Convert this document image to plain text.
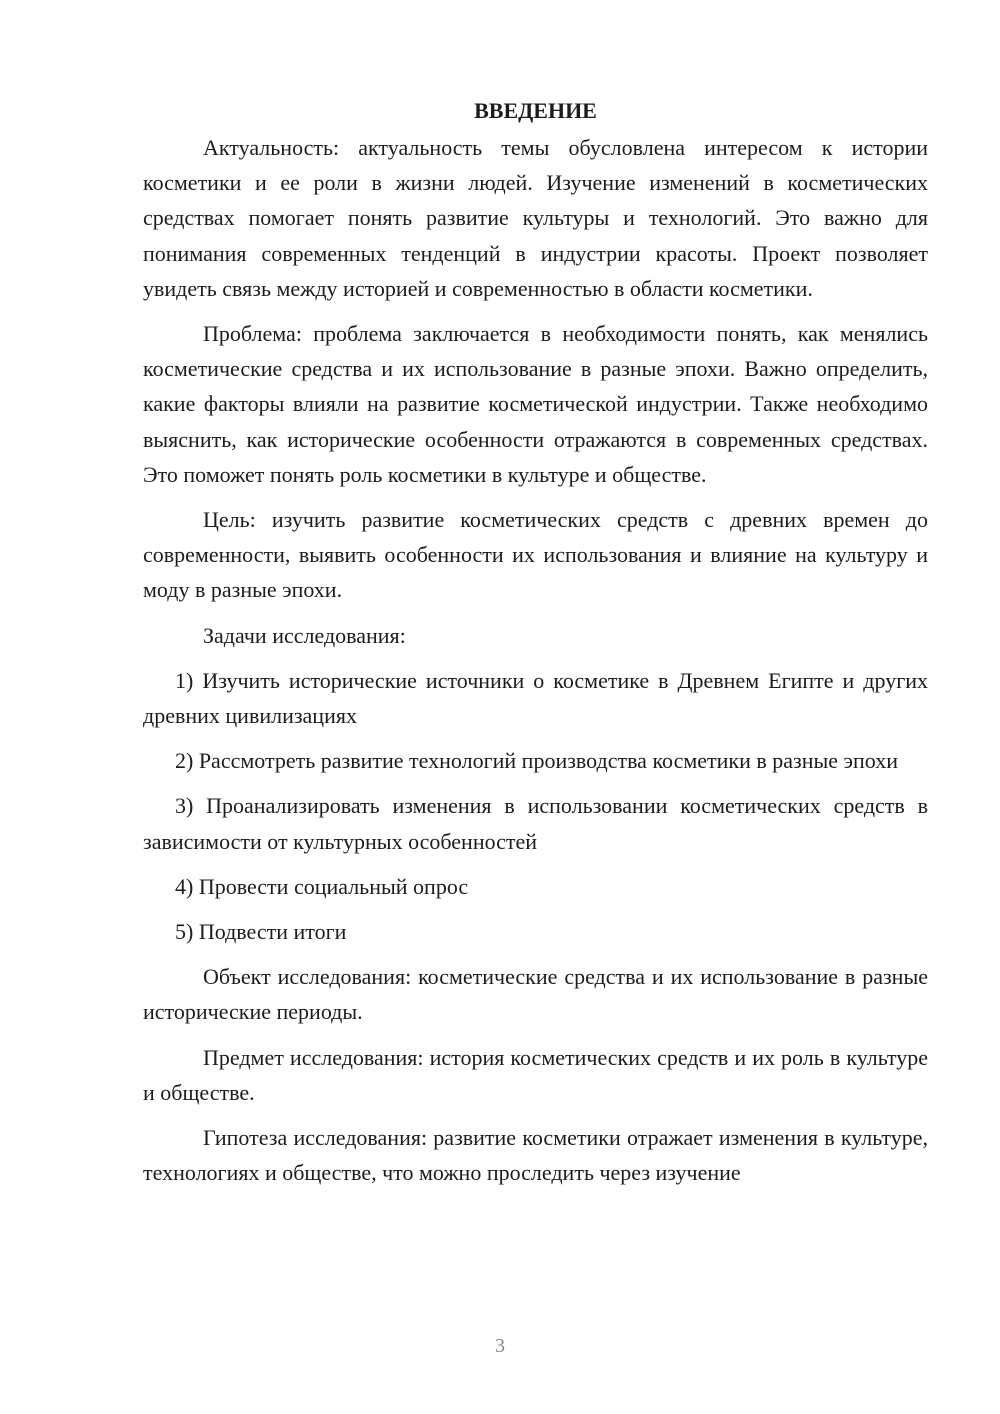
ВВЕДЕНИЕ

Актуальность: актуальность темы обусловлена интересом к истории косметики и ее роли в жизни людей. Изучение изменений в косметических средствах помогает понять развитие культуры и технологий. Это важно для понимания современных тенденций в индустрии красоты. Проект позволяет увидеть связь между историей и современностью в области косметики.

Проблема: проблема заключается в необходимости понять, как менялись косметические средства и их использование в разные эпохи. Важно определить, какие факторы влияли на развитие косметической индустрии. Также необходимо выяснить, как исторические особенности отражаются в современных средствах. Это поможет понять роль косметики в культуре и обществе.

Цель: изучить развитие косметических средств с древних времен до современности, выявить особенности их использования и влияние на культуру и моду в разные эпохи.

Задачи исследования:

1) Изучить исторические источники о косметике в Древнем Египте и других древних цивилизациях

2) Рассмотреть развитие технологий производства косметики в разные эпохи

3) Проанализировать изменения в использовании косметических средств в зависимости от культурных особенностей

4) Провести социальный опрос

5) Подвести итоги

Объект исследования: косметические средства и их использование в разные исторические периоды.

Предмет исследования: история косметических средств и их роль в культуре и обществе.

Гипотеза исследования: развитие косметики отражает изменения в культуре, технологиях и обществе, что можно проследить через изучение

3
